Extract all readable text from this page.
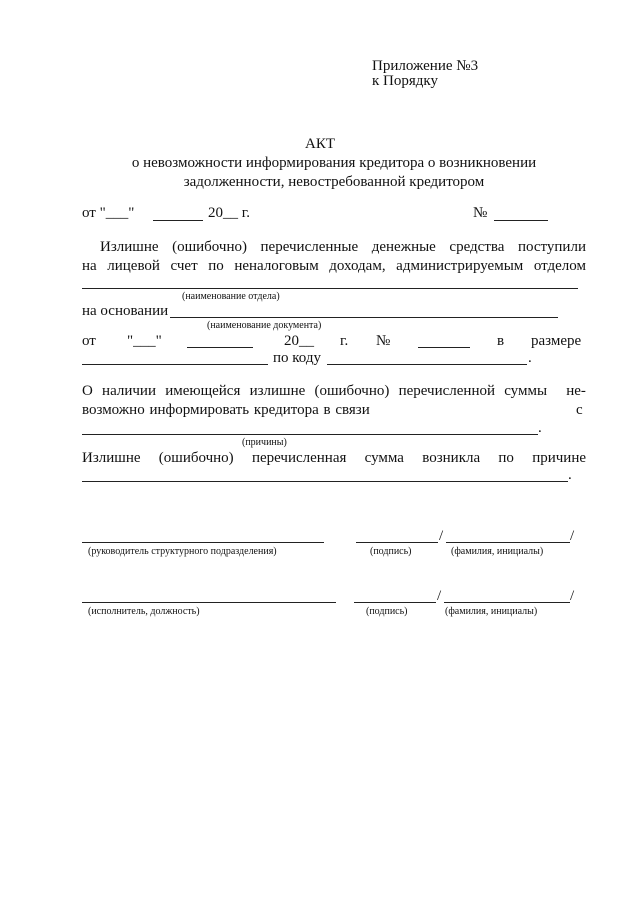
Приложение №3
к Порядку
АКТ
о невозможности информирования кредитора о возникновении
задолженности, невостребованной кредитором
от "___"	20__ г.	№
Излишне (ошибочно) перечисленные денежные средства поступили
на лицевой счет по неналоговым доходам, администрируемым отделом
(наименование отдела)
на основании
(наименование документа)
от "___"	20__ г. №	в размере
по коду	.
О наличии имеющейся излишне (ошибочно) перечисленной суммы не-
возможно информировать кредитора в связи	с
.
(причины)
Излишне (ошибочно) перечисленная сумма возникла по причине
.
/	/
(руководитель структурного подразделения)	(подпись)	(фамилия, инициалы)
/	/
(исполнитель, должность)	(подпись)	(фамилия, инициалы)
